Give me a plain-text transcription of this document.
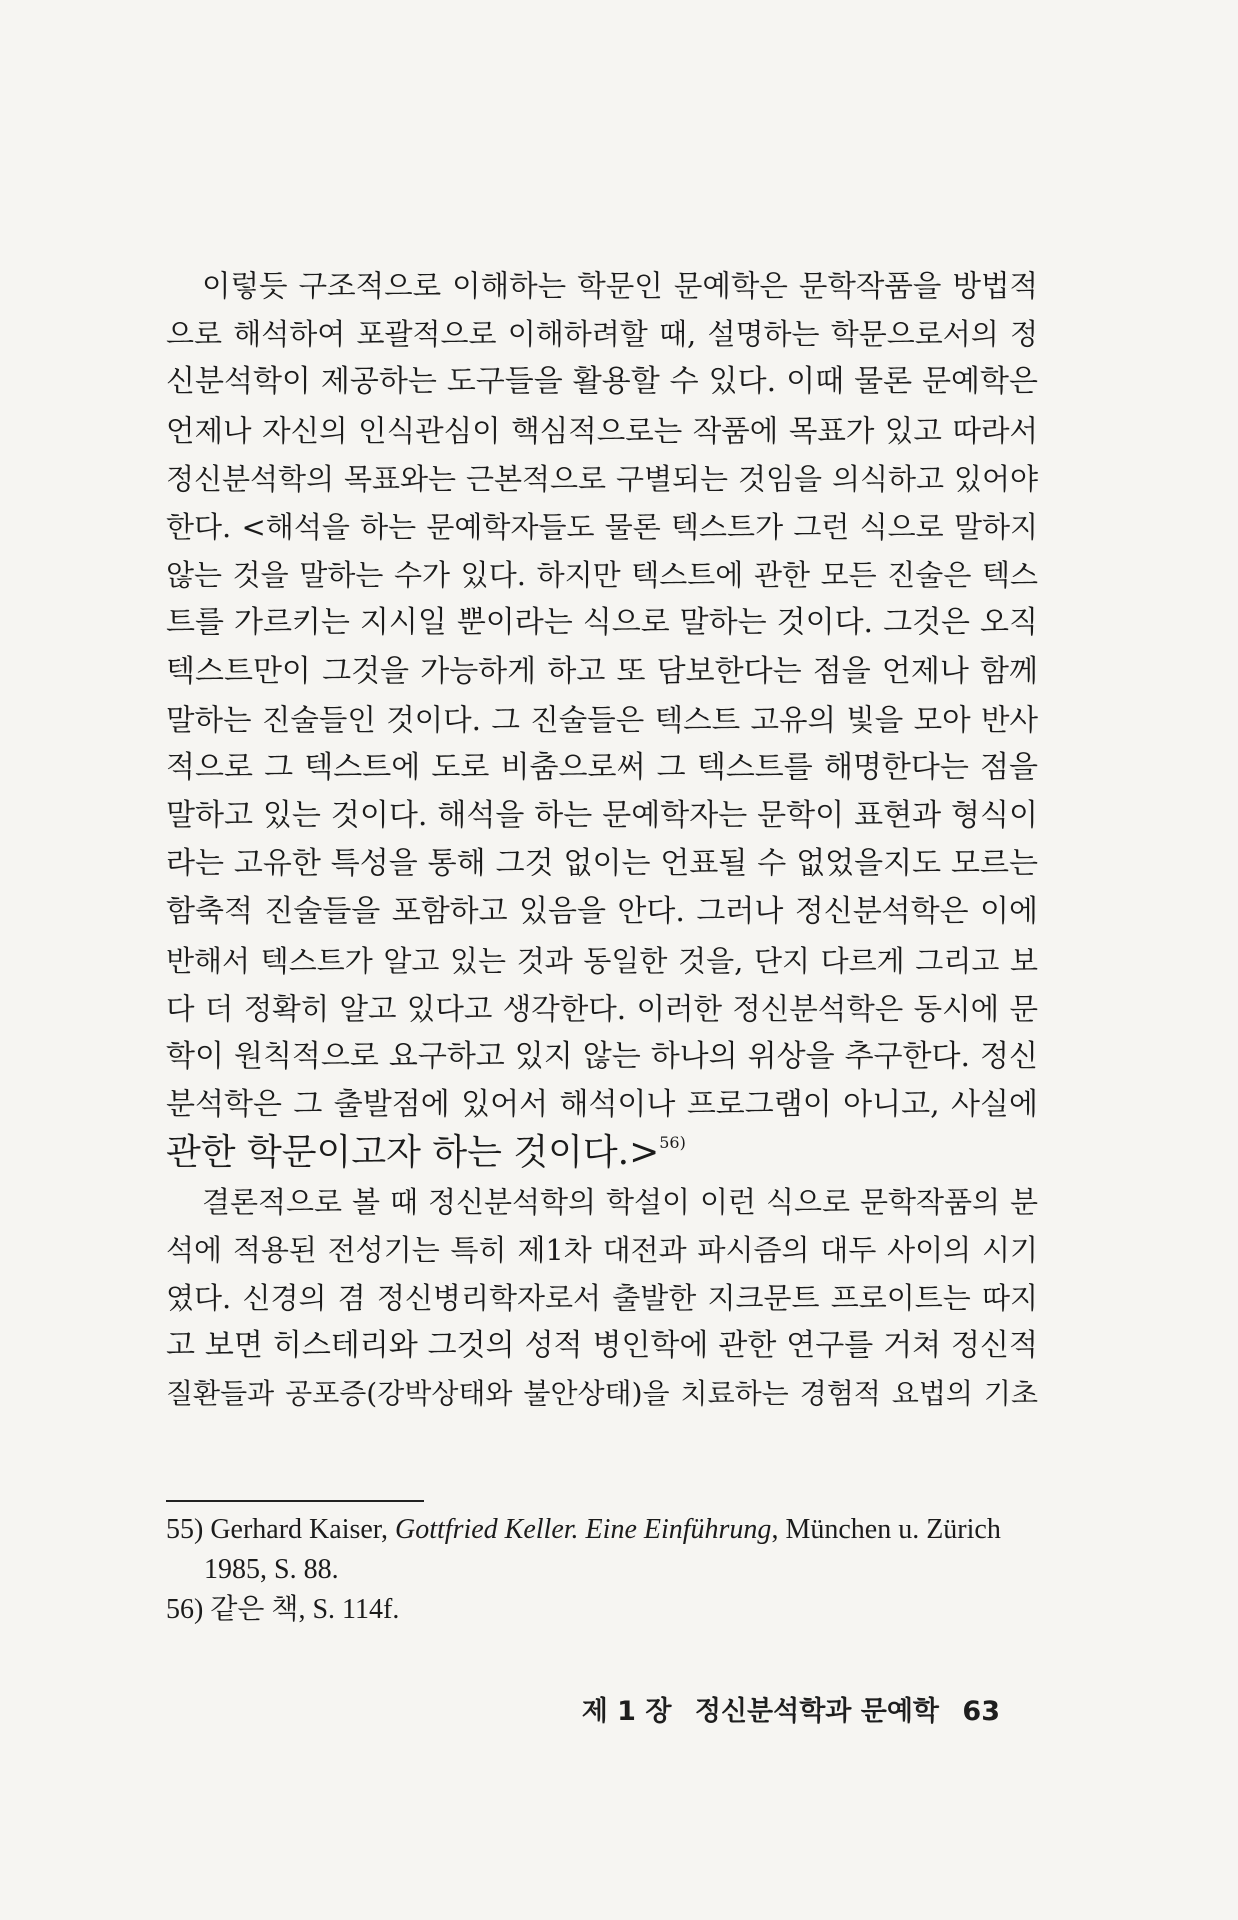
이렇듯 구조적으로 이해하는 학문인 문예학은 문학작품을 방법적
으로 해석하여 포괄적으로 이해하려할 때, 설명하는 학문으로서의 정
신분석학이 제공하는 도구들을 활용할 수 있다. 이때 물론 문예학은
언제나 자신의 인식관심이 핵심적으로는 작품에 목표가 있고 따라서
정신분석학의 목표와는 근본적으로 구별되는 것임을 의식하고 있어야
한다. <해석을 하는 문예학자들도 물론 텍스트가 그런 식으로 말하지
않는 것을 말하는 수가 있다. 하지만 텍스트에 관한 모든 진술은 텍스
트를 가르키는 지시일 뿐이라는 식으로 말하는 것이다. 그것은 오직
텍스트만이 그것을 가능하게 하고 또 담보한다는 점을 언제나 함께
말하는 진술들인 것이다. 그 진술들은 텍스트 고유의 빛을 모아 반사
적으로 그 텍스트에 도로 비춤으로써 그 텍스트를 해명한다는 점을
말하고 있는 것이다. 해석을 하는 문예학자는 문학이 표현과 형식이
라는 고유한 특성을 통해 그것 없이는 언표될 수 없었을지도 모르는
함축적 진술들을 포함하고 있음을 안다. 그러나 정신분석학은 이에
반해서 텍스트가 알고 있는 것과 동일한 것을, 단지 다르게 그리고 보
다 더 정확히 알고 있다고 생각한다. 이러한 정신분석학은 동시에 문
학이 원칙적으로 요구하고 있지 않는 하나의 위상을 추구한다. 정신
분석학은 그 출발점에 있어서 해석이나 프로그램이 아니고, 사실에
관한 학문이고자 하는 것이다.>$^{56)}$
결론적으로 볼 때 정신분석학의 학설이 이런 식으로 문학작품의 분
석에 적용된 전성기는 특히 제1차 대전과 파시즘의 대두 사이의 시기
였다. 신경의 겸 정신병리학자로서 출발한 지크문트 프로이트는 따지
고 보면 히스테리와 그것의 성적 병인학에 관한 연구를 거쳐 정신적
질환들과 공포증(강박상태와 불안상태)을 치료하는 경험적 요법의 기초
55) Gerhard Kaiser, Gottfried Keller. Eine Einführung, München u. Zürich
1985, S. 88.
56) 같은 책, S. 114f.
제 1 장 정신분석학과 문예학 63
